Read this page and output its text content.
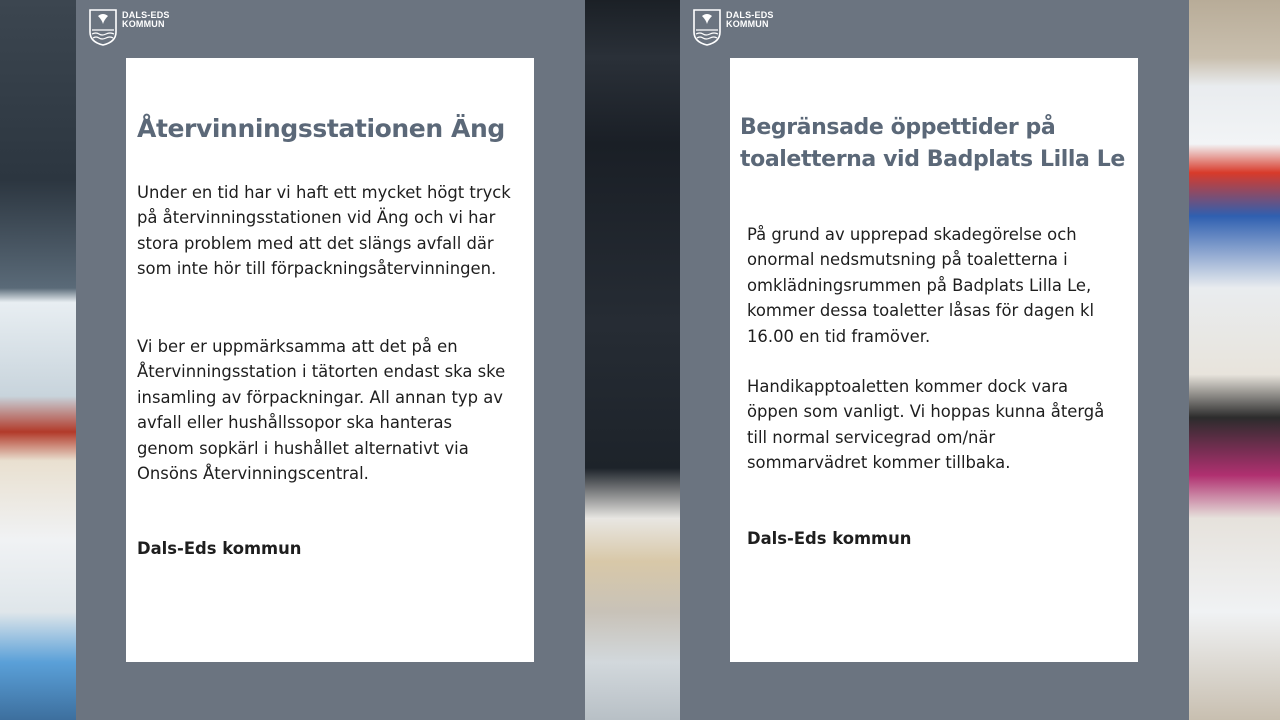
DALS-EDS
KOMMUN
Återvinningsstationen Äng

Under en tid har vi haft ett mycket högt tryck på återvinningsstationen vid Äng och vi har stora problem med att det slängs avfall där som inte hör till förpackningsåtervinningen.

Vi ber er uppmärksamma att det på en Återvinningsstation i tätorten endast ska ske insamling av förpackningar. All annan typ av avfall eller hushållssopor ska hanteras genom sopkärl i hushållet alternativt via Onsöns Återvinningscentral.

Dals-Eds kommun

DALS-EDS
KOMMUN
Begränsade öppettider på toaletterna vid Badplats Lilla Le

På grund av upprepad skadegörelse och onormal nedsmutsning på toaletterna i omklädningsrummen på Badplats Lilla Le, kommer dessa toaletter låsas för dagen kl 16.00 en tid framöver.

Handikapptoaletten kommer dock vara öppen som vanligt. Vi hoppas kunna återgå till normal servicegrad om/när sommarvädret kommer tillbaka.

Dals-Eds kommun
